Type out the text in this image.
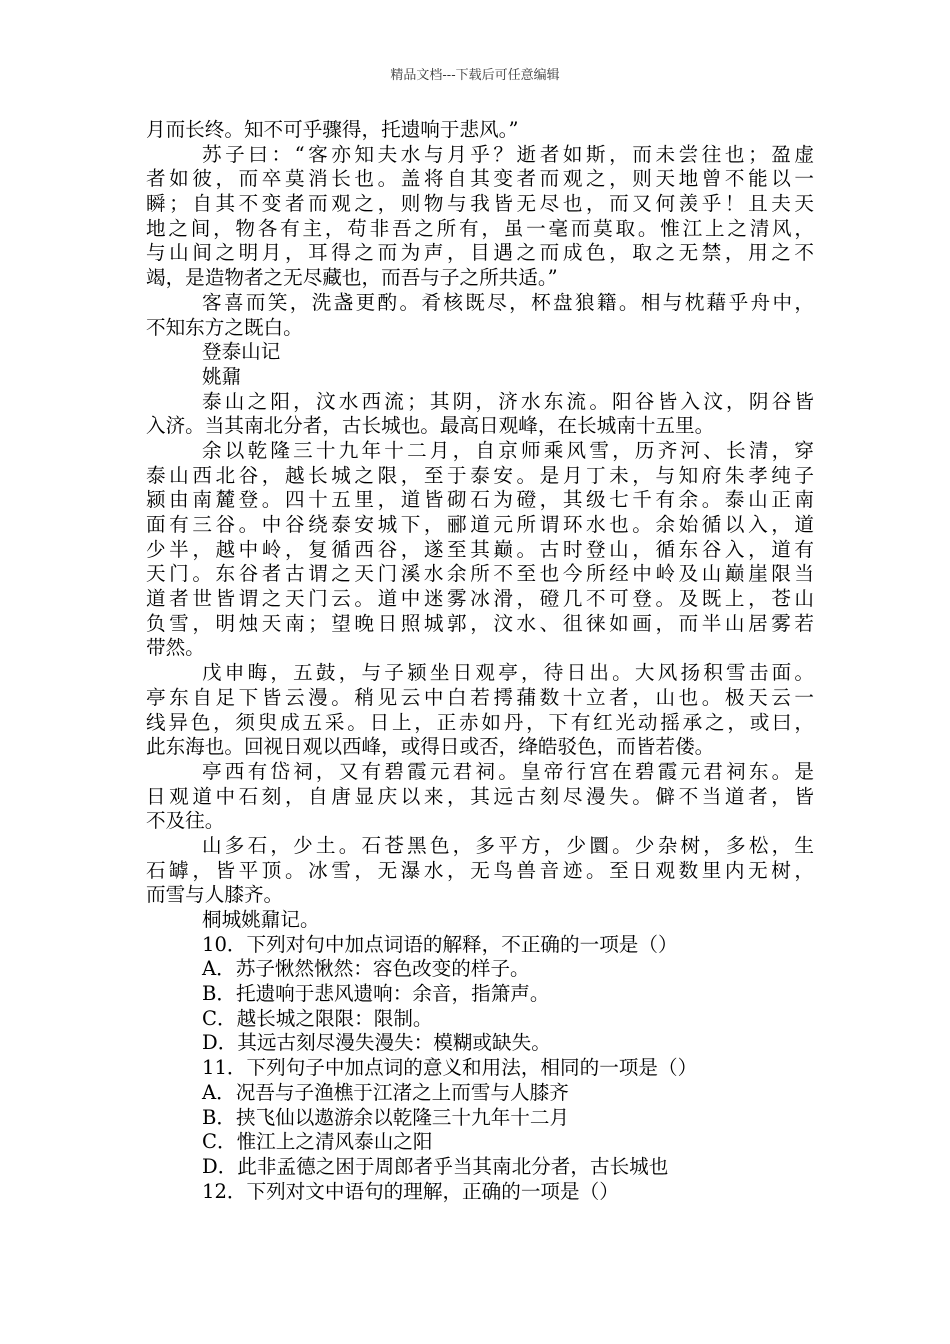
精品文档---下载后可任意编辑
月而长终。知不可乎骤得，托遗响于悲风。”
苏子曰：“客亦知夫水与月乎？逝者如斯，而未尝往也；盈虚
者如彼，而卒莫消长也。盖将自其变者而观之，则天地曾不能以一
瞬；自其不变者而观之，则物与我皆无尽也，而又何羡乎！且夫天
地之间，物各有主，苟非吾之所有，虽一毫而莫取。惟江上之清风，
与山间之明月，耳得之而为声，目遇之而成色，取之无禁，用之不
竭，是造物者之无尽藏也，而吾与子之所共适。”
客喜而笑，洗盏更酌。肴核既尽，杯盘狼籍。相与枕藉乎舟中，
不知东方之既白。
登泰山记
姚鼐
泰山之阳，汶水西流；其阴，济水东流。阳谷皆入汶，阴谷皆
入济。当其南北分者，古长城也。最高日观峰，在长城南十五里。
余以乾隆三十九年十二月，自京师乘风雪，历齐河、长清，穿
泰山西北谷，越长城之限，至于泰安。是月丁未，与知府朱孝纯子
颍由南麓登。四十五里，道皆砌石为磴，其级七千有余。泰山正南
面有三谷。中谷绕泰安城下，郦道元所谓环水也。余始循以入，道
少半，越中岭，复循西谷，遂至其巅。古时登山，循东谷入，道有
天门。东谷者古谓之天门溪水余所不至也今所经中岭及山巅崖限当
道者世皆谓之天门云。道中迷雾冰滑，磴几不可登。及既上，苍山
负雪，明烛天南；望晚日照城郭，汶水、徂徕如画，而半山居雾若
带然。
戊申晦，五鼓，与子颍坐日观亭，待日出。大风扬积雪击面。
亭东自足下皆云漫。稍见云中白若摴蒱数十立者，山也。极天云一
线异色，须臾成五采。日上，正赤如丹，下有红光动摇承之，或曰，
此东海也。回视日观以西峰，或得日或否，绛皓驳色，而皆若偻。
亭西有岱祠，又有碧霞元君祠。皇帝行宫在碧霞元君祠东。是
日观道中石刻，自唐显庆以来，其远古刻尽漫失。僻不当道者，皆
不及往。
山多石，少土。石苍黑色，多平方，少圜。少杂树，多松，生
石罅，皆平顶。冰雪，无瀑水，无鸟兽音迹。至日观数里内无树，
而雪与人膝齐。
桐城姚鼐记。
10．下列对句中加点词语的解释，不正确的一项是（）
A．苏子愀然愀然：容色改变的样子。
B．托遗响于悲风遗响：余音，指箫声。
C．越长城之限限：限制。
D．其远古刻尽漫失漫失：模糊或缺失。
11．下列句子中加点词的意义和用法，相同的一项是（）
A．况吾与子渔樵于江渚之上而雪与人膝齐
B．挟飞仙以遨游余以乾隆三十九年十二月
C．惟江上之清风泰山之阳
D．此非孟德之困于周郎者乎当其南北分者，古长城也
12．下列对文中语句的理解，正确的一项是（）
